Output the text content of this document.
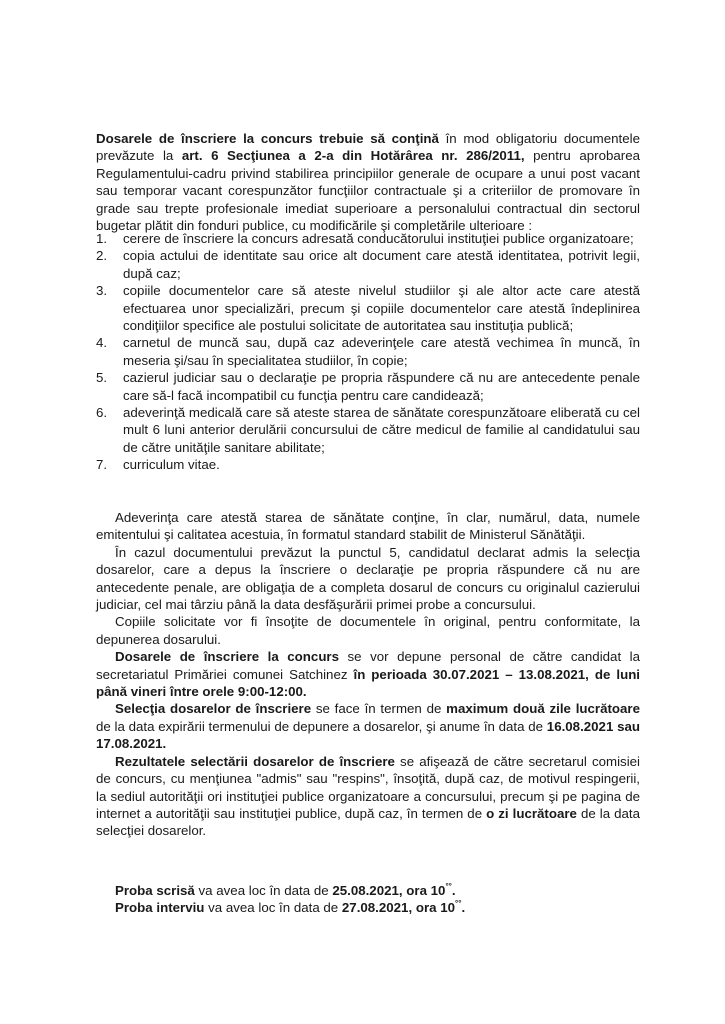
Dosarele de înscriere la concurs trebuie să conţină în mod obligatoriu documentele prevăzute la art. 6 Secţiunea a 2-a din Hotărârea nr. 286/2011, pentru aprobarea Regulamentului-cadru privind stabilirea principiilor generale de ocupare a unui post vacant sau temporar vacant corespunzător funcţiilor contractuale şi a criteriilor de promovare în grade sau trepte profesionale imediat superioare a personalului contractual din sectorul bugetar plătit din fonduri publice, cu modificările şi completările ulterioare :

1. cerere de înscriere la concurs adresată conducătorului instituţiei publice organizatoare;
2. copia actului de identitate sau orice alt document care atestă identitatea, potrivit legii, după caz;
3. copiile documentelor care să ateste nivelul studiilor şi ale altor acte care atestă efectuarea unor specializări, precum şi copiile documentelor care atestă îndeplinirea condiţiilor specifice ale postului solicitate de autoritatea sau instituţia publică;
4. carnetul de muncă sau, după caz adeverinţele care atestă vechimea în muncă, în meseria şi/sau în specialitatea studiilor, în copie;
5. cazierul judiciar sau o declaraţie pe propria răspundere că nu are antecedente penale care să-l facă incompatibil cu funcţia pentru care candidează;
6. adeverinţă medicală care să ateste starea de sănătate corespunzătoare eliberată cu cel mult 6 luni anterior derulării concursului de către medicul de familie al candidatului sau de către unităţile sanitare abilitate;
7. curriculum vitae.

Adeverinţa care atestă starea de sănătate conţine, în clar, numărul, data, numele emitentului şi calitatea acestuia, în formatul standard stabilit de Ministerul Sănătăţii.

În cazul documentului prevăzut la punctul 5, candidatul declarat admis la selecţia dosarelor, care a depus la înscriere o declaraţie pe propria răspundere că nu are antecedente penale, are obligaţia de a completa dosarul de concurs cu originalul cazierului judiciar, cel mai târziu până la data desfăşurării primei probe a concursului.

Copiile solicitate vor fi însoţite de documentele în original, pentru conformitate, la depunerea dosarului.

Dosarele de înscriere la concurs se vor depune personal de către candidat la secretariatul Primăriei comunei Satchinez în perioada 30.07.2021 – 13.08.2021, de luni până vineri între orele 9:00-12:00.

Selecţia dosarelor de înscriere se face în termen de maximum două zile lucrătoare de la data expirării termenului de depunere a dosarelor, şi anume în data de 16.08.2021 sau 17.08.2021.

Rezultatele selectării dosarelor de înscriere se afişează de către secretarul comisiei de concurs, cu menţiunea "admis" sau "respins", însoţită, după caz, de motivul respingerii, la sediul autorităţii ori instituţiei publice organizatoare a concursului, precum şi pe pagina de internet a autorităţii sau instituţiei publice, după caz, în termen de o zi lucrătoare de la data selecţiei dosarelor.

Proba scrisă va avea loc în data de 25.08.2021, ora 10°°.

Proba interviu va avea loc în data de 27.08.2021, ora 10°°.
